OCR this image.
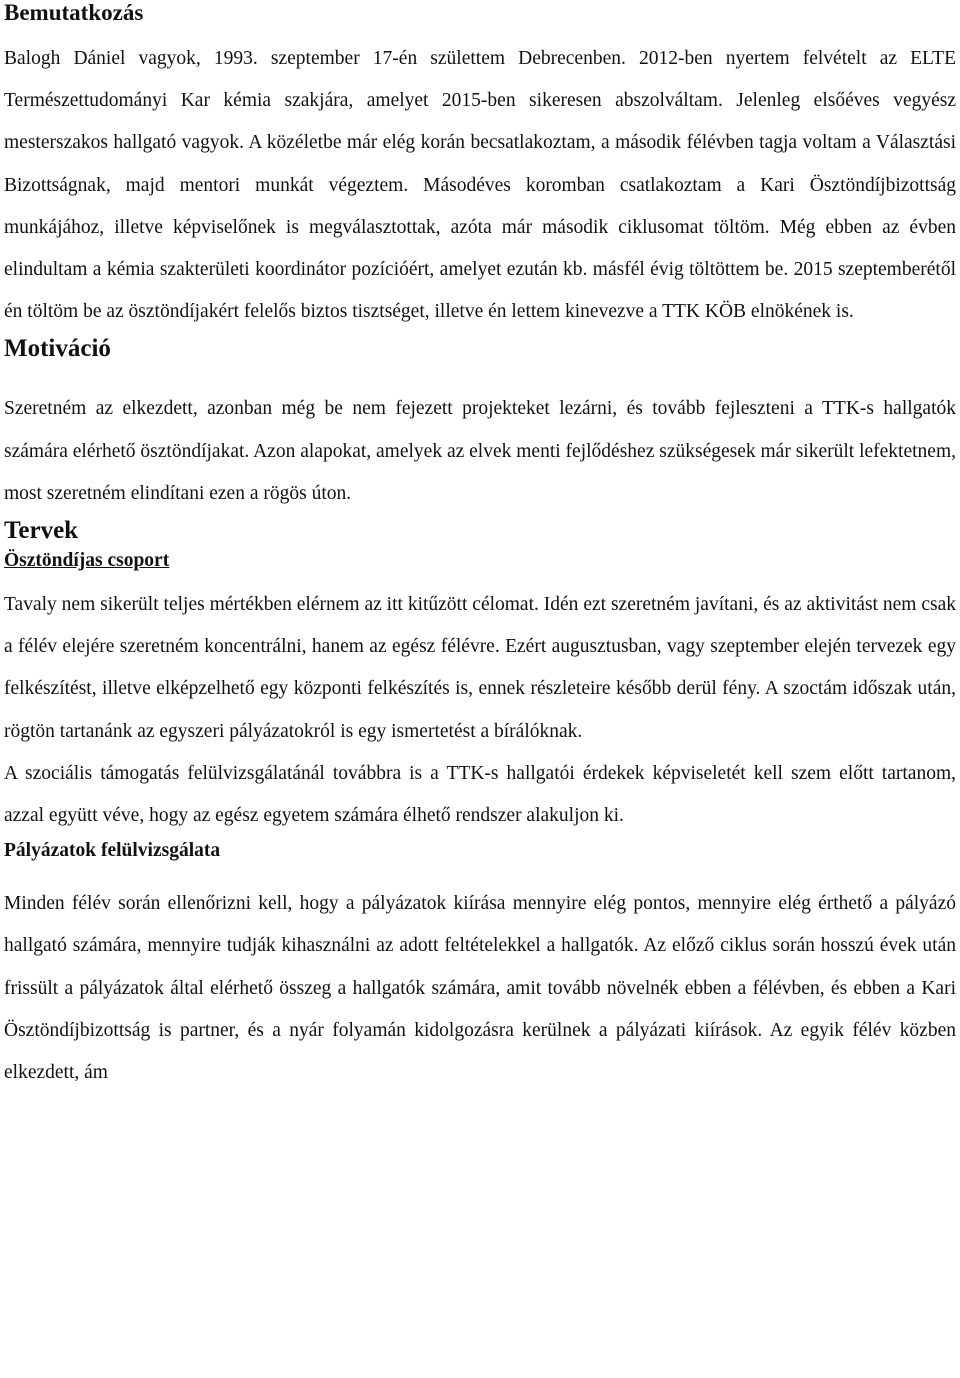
Bemutatkozás

Balogh Dániel vagyok, 1993. szeptember 17-én születtem Debrecenben. 2012-ben nyertem felvételt az ELTE Természettudományi Kar kémia szakjára, amelyet 2015-ben sikeresen abszolváltam. Jelenleg elsőéves vegyész mesterszakos hallgató vagyok. A közéletbe már elég korán becsatlakoztam, a második félévben tagja voltam a Választási Bizottságnak, majd mentori munkát végeztem. Másodéves koromban csatlakoztam a Kari Ösztöndíjbizottság munkájához, illetve képviselőnek is megválasztottak, azóta már második ciklusomat töltöm. Még ebben az évben elindultam a kémia szakterületi koordinátor pozícióért, amelyet ezután kb. másfél évig töltöttem be. 2015 szeptemberétől én töltöm be az ösztöndíjakért felelős biztos tisztséget, illetve én lettem kinevezve a TTK KÖB elnökének is.

Motiváció

Szeretném az elkezdett, azonban még be nem fejezett projekteket lezárni, és tovább fejleszteni a TTK-s hallgatók számára elérhető ösztöndíjakat. Azon alapokat, amelyek az elvek menti fejlődéshez szükségesek már sikerült lefektetnem, most szeretném elindítani ezen a rögös úton.

Tervek
Ösztöndíjas csoport

Tavaly nem sikerült teljes mértékben elérnem az itt kitűzött célomat. Idén ezt szeretném javítani, és az aktivitást nem csak a félév elejére szeretném koncentrálni, hanem az egész félévre. Ezért augusztusban, vagy szeptember elején tervezek egy felkészítést, illetve elképzelhető egy központi felkészítés is, ennek részleteire később derül fény. A szoctám időszak után, rögtön tartanánk az egyszeri pályázatokról is egy ismertetést a bírálóknak.

A szociális támogatás felülvizsgálatánál továbbra is a TTK-s hallgatói érdekek képviseletét kell szem előtt tartanom, azzal együtt véve, hogy az egész egyetem számára élhető rendszer alakuljon ki.

Pályázatok felülvizsgálata

Minden félév során ellenőrizni kell, hogy a pályázatok kiírása mennyire elég pontos, mennyire elég érthető a pályázó hallgató számára, mennyire tudják kihasználni az adott feltételekkel a hallgatók. Az előző ciklus során hosszú évek után frissült a pályázatok által elérhető összeg a hallgatók számára, amit tovább növelnék ebben a félévben, és ebben a Kari Ösztöndíjbizottság is partner, és a nyár folyamán kidolgozásra kerülnek a pályázati kiírások. Az egyik félév közben elkezdett, ám
